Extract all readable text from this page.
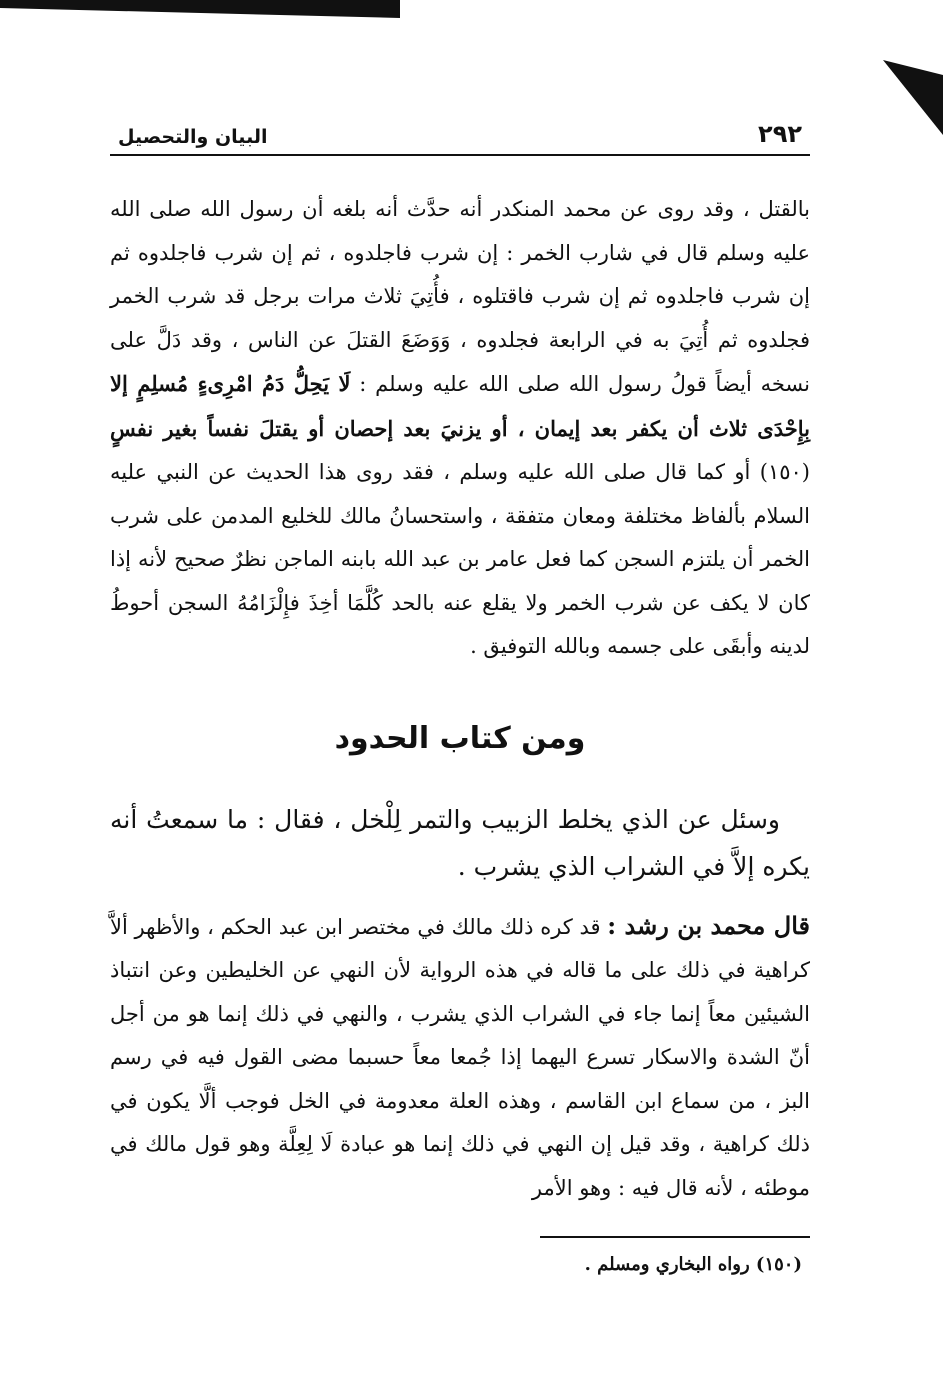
٢٩٢
البيان والتحصيل

بالقتل ، وقد روى عن محمد المنكدر أنه حدَّث أنه بلغه أن رسول الله صلى الله عليه وسلم قال في شارب الخمر : إن شرب فاجلدوه ، ثم إن شرب فاجلدوه ثم إن شرب فاجلدوه ثم إن شرب فاقتلوه ، فأُتِيَ ثلاث مرات برجل قد شرب الخمر فجلدوه ثم أُتِيَ به في الرابعة فجلدوه ، وَوَضَعَ القتلَ عن الناس ، وقد دَلَّ على نسخه أيضاً قولُ رسول الله صلى الله عليه وسلم : لَا يَحِلُّ دَمُ امْرِىءٍ مُسلِمٍ إلا بِإِحْدَى ثلاث أن يكفر بعد إيمان ، أو يزنيَ بعد إحصان أو يقتلَ نفساً بغير نفسٍ (١٥٠) أو كما قال صلى الله عليه وسلم ، فقد روى هذا الحديث عن النبي عليه السلام بألفاظ مختلفة ومعان متفقة ، واستحسانُ مالك للخليع المدمن على شرب الخمر أن يلتزم السجن كما فعل عامر بن عبد الله بابنه الماجن نظرٌ صحيح لأنه إذا كان لا يكف عن شرب الخمر ولا يقلع عنه بالحد كُلَّمَا أخِذَ فإِلْزَامُهُ السجن أحوطُ لدينه وأبقَى على جسمه وبالله التوفيق .

ومن كتاب الحدود

وسئل عن الذي يخلط الزبيب والتمر لِلْخل ، فقال : ما سمعتُ أنه يكره إلاَّ في الشراب الذي يشرب .

قال محمد بن رشد : قد كره ذلك مالك في مختصر ابن عبد الحكم ، والأظهر ألاَّ كراهية في ذلك على ما قاله في هذه الرواية لأن النهي عن الخليطين وعن انتباذ الشيئين معاً إنما جاء في الشراب الذي يشرب ، والنهي في ذلك إنما هو من أجل أنّ الشدة والاسكار تسرع اليهما إذا جُمعا معاً حسبما مضى القول فيه في رسم البز ، من سماع ابن القاسم ، وهذه العلة معدومة في الخل فوجب ألَّا يكون في ذلك كراهية ، وقد قيل إن النهي في ذلك إنما هو عبادة لَا لِعِلَّة وهو قول مالك في موطئه ، لأنه قال فيه : وهو الأمر

(١٥٠) رواه البخاري ومسلم .
